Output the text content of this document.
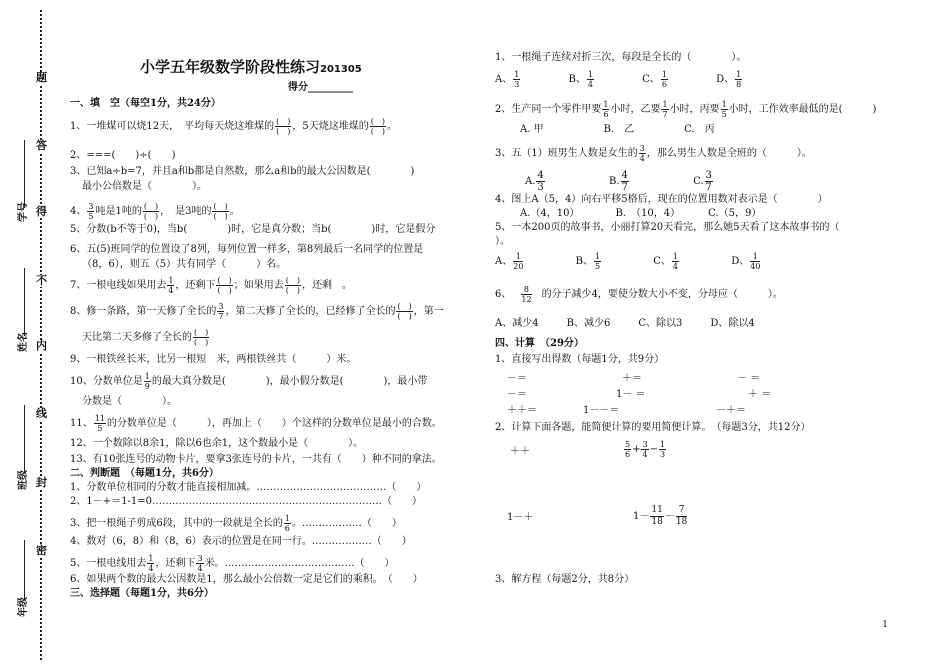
题
答
得
不
内
线
封
密
学号
姓名
班级
年级
小学五年级数学阶段性练习201305
得分_________
一、填　空（每空1分，共24分）
1、一堆煤可以烧12天，　平均每天烧这堆煤的 $\frac{( )}{( )}$ ，5天烧这堆煤的 $\frac{( )}{( )}$ 。
2、===(　　)÷(　　)
3、已知a÷b=7，并且a和b都是自然数，那么a和b的最大公因数是(　　　　)
最小公倍数是（　　　　）。
4、 $\frac{3}{5}$ 吨是1吨的 $\frac{( )}{( )}$ ，　是3吨的 $\frac{( )}{( )}$ 。
5、分数(b不等于0)，当b(　　　　)时，它是真分数；当b(　　　　)时，它是假分
6、五(5)班同学的位置设了8列，每列位置一样多，第8列最后一名同学的位置是
（8，6），则五（5）共有同学（　　　）名。
7、一根电线如果用去 $\frac{1}{4}$ ，还剩下 $\frac{( )}{( )}$ ；如果用去 $\frac{( )}{( )}$ ，还剩　。
8、修一条路，第一天修了全长的 $\frac{3}{7}$ ，第二天修了全长的，已经修了全长的 $\frac{( )}{( )}$ ，第一
天比第二天多修了全长的 $\frac{( )}{( )}$
9、一根铁丝长米，比另一根短　米，两根铁丝共（　　　）米。
10、分数单位是 $\frac{1}{9}$ 的最大真分数是(　　　　)，最小假分数是(　　　　)，最小带
分数是（　　　　）。
11、 $\frac{11}{5}$ 的分数单位是（　　　），再加上（　　）个这样的分数单位是最小的合数。
12、一个数除以8余1，除以6也余1，这个数最小是（　　　　）。
13、有10张连号的动物卡片，要拿3张连号的卡片，一共有（　　）种不同的拿法。
二、判断题　（每题1分，共6分）
1、分数单位相同的分数才能直接相加减。…………………………………（　　）
2、1－+＝1-1=0……………………………………………………………（　　）
3、把一根绳子剪成6段，其中的一段就是全长的 $\frac{1}{6}$ 。………………（　　）
4、数对（6，8）和（8，6）表示的位置是在同一行。………………（　　）
5、一根电线用去 $\frac{1}{4}$ ，还剩下 $\frac{3}{4}$ 米。…………………………………（　　）
6、如果两个数的最大公因数是1，那么最小公倍数一定是它们的乘积。　（　　）
三、选择题（每题1分，共6分）
1、一根绳子连续对折三次，每段是全长的（　　　　）。
A、 $\frac{1}{3}$	B、 $\frac{1}{4}$	C、 $\frac{1}{6}$	D、 $\frac{1}{8}$
2、生产同一个零件甲要 $\frac{1}{6}$ 小时，乙要 $\frac{1}{7}$ 小时，丙要 $\frac{1}{5}$ 小时，工作效率最低的是(　　　)
A. 甲	B.　乙	C.　丙
3、五（1）班男生人数是女生的 $\frac{3}{4}$ ，那么男生人数是全班的（　　　）。
A. $\frac{4}{3}$	B. $\frac{4}{7}$	C. $\frac{3}{7}$
4、图上A（5，4）向右平移5格后，现在的位置用数对表示是（　　　　）
A.（4，10）	B.　（10，4）	C.（5，9）
5、一本200页的故事书，小丽打算20天看完，那么她5天看了这本故事书的（
）。
A、 $\frac{1}{20}$	B、 $\frac{1}{5}$	C、 $\frac{1}{4}$	D、 $\frac{1}{40}$
6、 $\frac{8}{12}$ 的分子减少4，要使分数大小不变，分母应（　　　）。
A、减少4	B、减少6	C、除以3	D、除以4
四、计算　（29分）
1、直接写出得数（每题1分，共9分）
－＝	＋＝	－ ＝
－＝	1－ ＝	＋ ＝
＋＋＝	1－－＝	－＋＝
2、计算下面各题，能简便计算的要用简便计算。　（每题3分，共12分）
＋＋	$\frac{5}{6} + \frac{3}{4} - \frac{1}{3}$
1－＋	$1- \frac{11}{18} - \frac{7}{18}$
3、解方程（每题2分，共8分）
1
